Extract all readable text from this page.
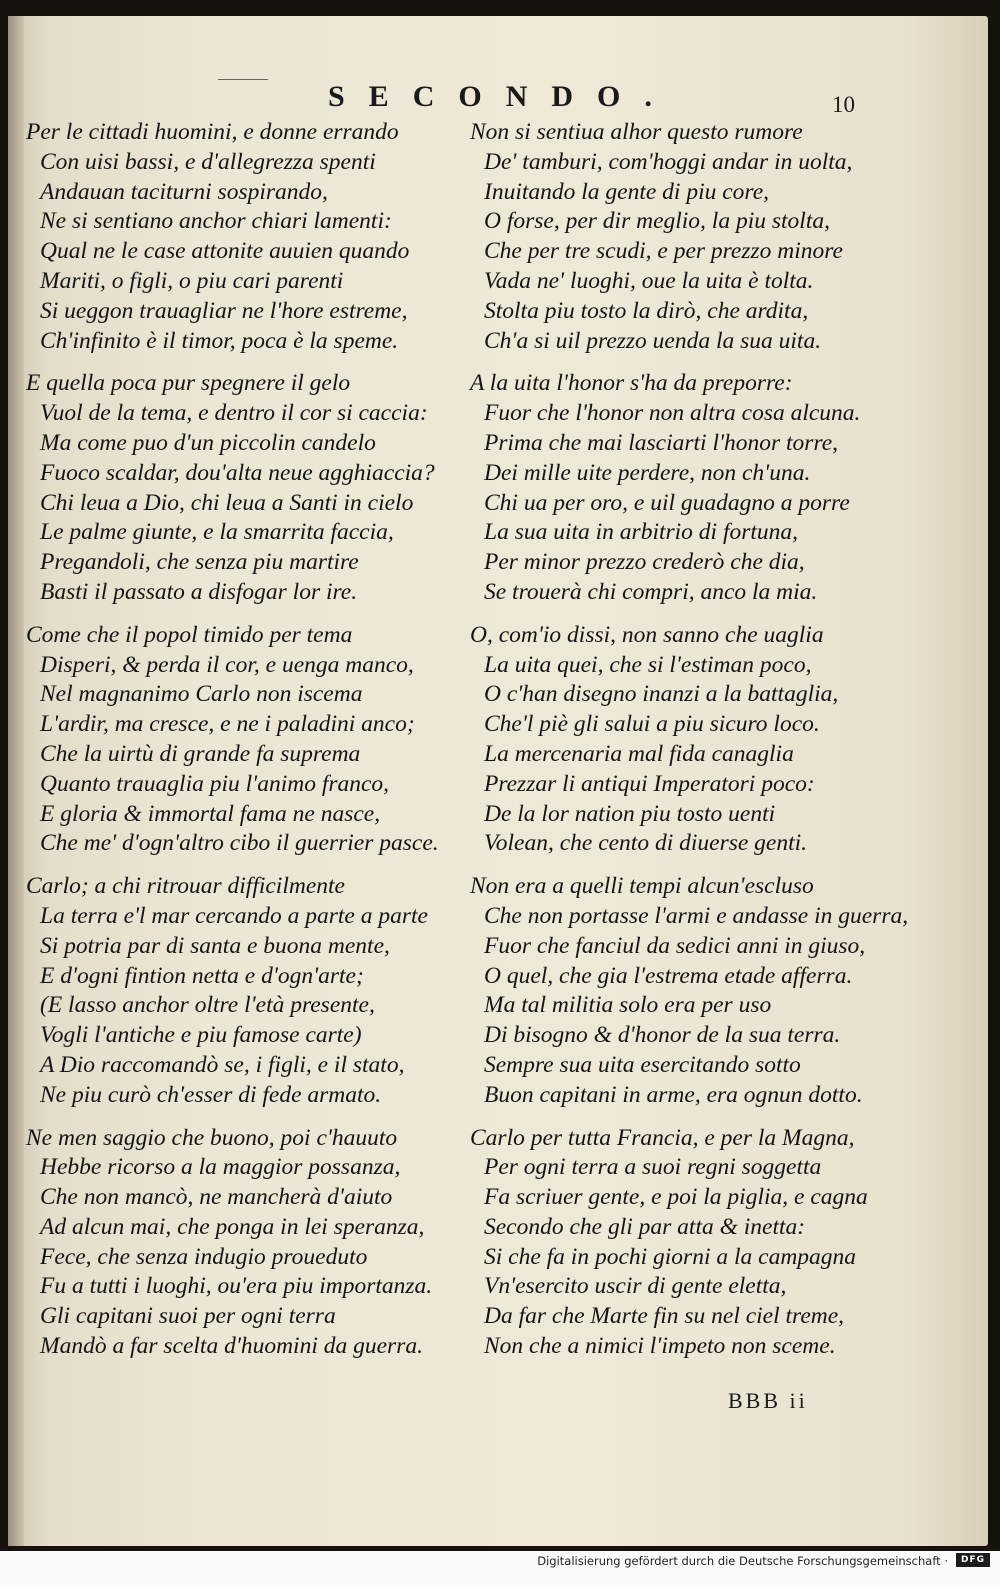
SECONDO.	10
Per le cittadi huomini, e donne errando
Con uisi bassi, e d'allegrezza spenti
Andauan taciturni sospirando,
Ne si sentiano anchor chiari lamenti:
Qual ne le case attonite auuien quando
Mariti, o figli, o piu cari parenti
Si ueggon trauagliar ne l'hore estreme,
Ch'infinito è il timor, poca è la speme.
E quella poca pur spegnere il gelo
Vuol de la tema, e dentro il cor si caccia:
Ma come puo d'un piccolin candelo
Fuoco scaldar, dou'alta neue agghiaccia?
Chi leua a Dio, chi leua a Santi in cielo
Le palme giunte, e la smarrita faccia,
Pregandoli, che senza piu martire
Basti il passato a disfogar lor ire.
Come che il popol timido per tema
Disperi, & perda il cor, e uenga manco,
Nel magnanimo Carlo non iscema
L'ardir, ma cresce, e ne i paladini anco;
Che la uirtù di grande fa suprema
Quanto trauaglia piu l'animo franco,
E gloria & immortal fama ne nasce,
Che me' d'ogn'altro cibo il guerrier pasce.
Carlo; a chi ritrouar difficilmente
La terra e'l mar cercando a parte a parte
Si potria par di santa e buona mente,
E d'ogni fintion netta e d'ogn'arte;
(E lasso anchor oltre l'età presente,
Vogli l'antiche e piu famose carte)
A Dio raccomandò se, i figli, e il stato,
Ne piu curò ch'esser di fede armato.
Ne men saggio che buono, poi c'hauuto
Hebbe ricorso a la maggior possanza,
Che non mancò, ne mancherà d'aiuto
Ad alcun mai, che ponga in lei speranza,
Fece, che senza indugio proueduto
Fu a tutti i luoghi, ou'era piu importanza.
Gli capitani suoi per ogni terra
Mandò a far scelta d'huomini da guerra.
Non si sentiua alhor questo rumore
De' tamburi, com'hoggi andar in uolta,
Inuitando la gente di piu core,
O forse, per dir meglio, la piu stolta,
Che per tre scudi, e per prezzo minore
Vada ne' luoghi, oue la uita è tolta.
Stolta piu tosto la dirò, che ardita,
Ch'a si uil prezzo uenda la sua uita.
A la uita l'honor s'ha da preporre:
Fuor che l'honor non altra cosa alcuna.
Prima che mai lasciarti l'honor torre,
Dei mille uite perdere, non ch'una.
Chi ua per oro, e uil guadagno a porre
La sua uita in arbitrio di fortuna,
Per minor prezzo crederò che dia,
Se trouerà chi compri, anco la mia.
O, com'io dissi, non sanno che uaglia
La uita quei, che si l'estiman poco,
O c'han disegno inanzi a la battaglia,
Che'l piè gli salui a piu sicuro loco.
La mercenaria mal fida canaglia
Prezzar li antiqui Imperatori poco:
De la lor nation piu tosto uenti
Volean, che cento di diuerse genti.
Non era a quelli tempi alcun'escluso
Che non portasse l'armi e andasse in guerra,
Fuor che fanciul da sedici anni in giuso,
O quel, che gia l'estrema etade afferra.
Ma tal militia solo era per uso
Di bisogno & d'honor de la sua terra.
Sempre sua uita esercitando sotto
Buon capitani in arme, era ognun dotto.
Carlo per tutta Francia, e per la Magna,
Per ogni terra a suoi regni soggetta
Fa scriuer gente, e poi la piglia, e cagna
Secondo che gli par atta & inetta:
Si che fa in pochi giorni a la campagna
Vn'esercito uscir di gente eletta,
Da far che Marte fin su nel ciel treme,
Non che a nimici l'impeto non sceme.
BBB ii
Digitalisierung gefördert durch die Deutsche Forschungsgemeinschaft ·	DFG
